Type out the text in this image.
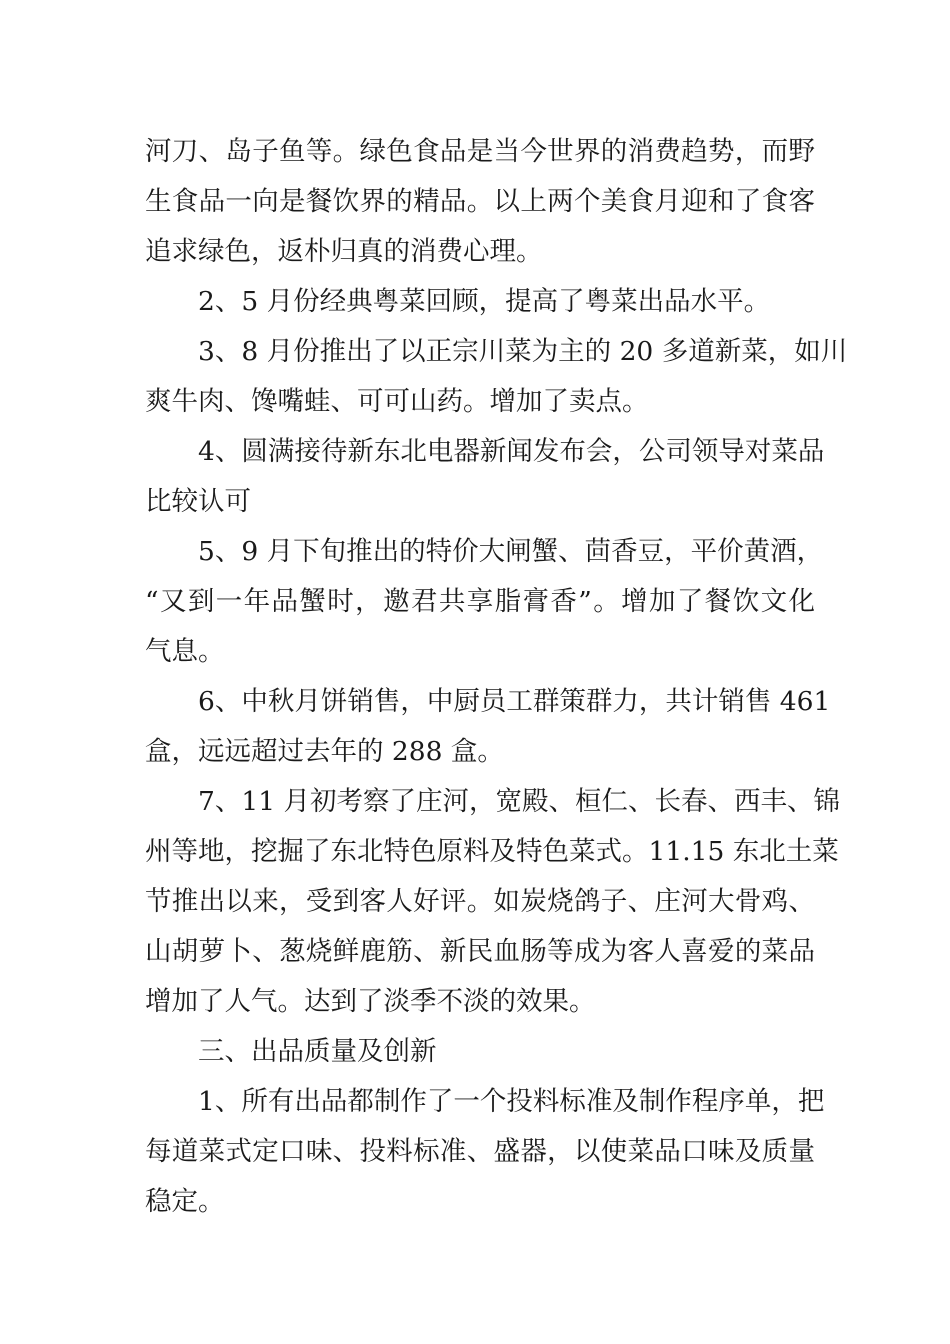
河刀、岛子鱼等。绿色食品是当今世界的消费趋势，而野
生食品一向是餐饮界的精品。以上两个美食月迎和了食客
追求绿色，返朴归真的消费心理。
2、5 月份经典粤菜回顾，提高了粤菜出品水平。
3、8 月份推出了以正宗川菜为主的 20 多道新菜，如川
爽牛肉、馋嘴蛙、可可山药。增加了卖点。
4、圆满接待新东北电器新闻发布会，公司领导对菜品
比较认可
5、9 月下旬推出的特价大闸蟹、茴香豆，平价黄酒，
“又到一年品蟹时，邀君共享脂膏香”。增加了餐饮文化
气息。
6、中秋月饼销售，中厨员工群策群力，共计销售 461
盒，远远超过去年的 288 盒。
7、11 月初考察了庄河，宽殿、桓仁、长春、西丰、锦
州等地，挖掘了东北特色原料及特色菜式。11.15 东北土菜
节推出以来，受到客人好评。如炭烧鸽子、庄河大骨鸡、
山胡萝卜、葱烧鲜鹿筋、新民血肠等成为客人喜爱的菜品
增加了人气。达到了淡季不淡的效果。
三、出品质量及创新
1、所有出品都制作了一个投料标准及制作程序单，把
每道菜式定口味、投料标准、盛器，以使菜品口味及质量
稳定。
